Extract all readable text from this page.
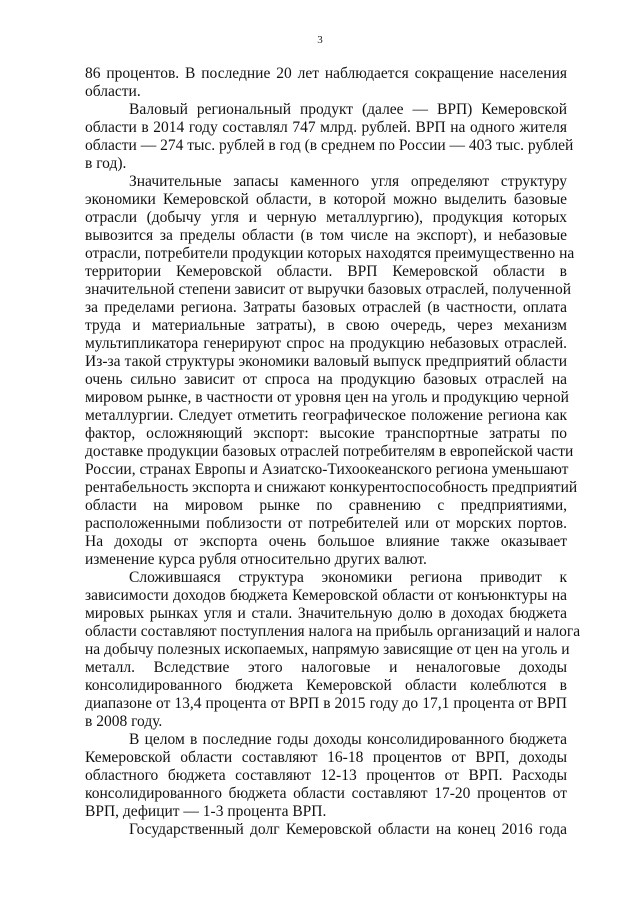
3
86 процентов. В последние 20 лет наблюдается сокращение населения
области.
Валовый региональный продукт (далее — ВРП) Кемеровской
области в 2014 году составлял 747 млрд. рублей. ВРП на одного жителя
области — 274 тыс. рублей в год (в среднем по России — 403 тыс. рублей
в год).
Значительные запасы каменного угля определяют структуру
экономики Кемеровской области, в которой можно выделить базовые
отрасли (добычу угля и черную металлургию), продукция которых
вывозится за пределы области (в том числе на экспорт), и небазовые
отрасли, потребители продукции которых находятся преимущественно на
территории Кемеровской области. ВРП Кемеровской области в
значительной степени зависит от выручки базовых отраслей, полученной
за пределами региона. Затраты базовых отраслей (в частности, оплата
труда и материальные затраты), в свою очередь, через механизм
мультипликатора генерируют спрос на продукцию небазовых отраслей.
Из-за такой структуры экономики валовый выпуск предприятий области
очень сильно зависит от спроса на продукцию базовых отраслей на
мировом рынке, в частности от уровня цен на уголь и продукцию черной
металлургии. Следует отметить географическое положение региона как
фактор, осложняющий экспорт: высокие транспортные затраты по
доставке продукции базовых отраслей потребителям в европейской части
России, странах Европы и Азиатско-Тихоокеанского региона уменьшают
рентабельность экспорта и снижают конкурентоспособность предприятий
области на мировом рынке по сравнению с предприятиями,
расположенными поблизости от потребителей или от морских портов.
На доходы от экспорта очень большое влияние также оказывает
изменение курса рубля относительно других валют.
Сложившаяся структура экономики региона приводит к
зависимости доходов бюджета Кемеровской области от конъюнктуры на
мировых рынках угля и стали. Значительную долю в доходах бюджета
области составляют поступления налога на прибыль организаций и налога
на добычу полезных ископаемых, напрямую зависящие от цен на уголь и
металл. Вследствие этого налоговые и неналоговые доходы
консолидированного бюджета Кемеровской области колеблются в
диапазоне от 13,4 процента от ВРП в 2015 году до 17,1 процента от ВРП
в 2008 году.
В целом в последние годы доходы консолидированного бюджета
Кемеровской области составляют 16-18 процентов от ВРП, доходы
областного бюджета составляют 12-13 процентов от ВРП. Расходы
консолидированного бюджета области составляют 17-20 процентов от
ВРП, дефицит — 1-3 процента ВРП.
Государственный долг Кемеровской области на конец 2016 года
